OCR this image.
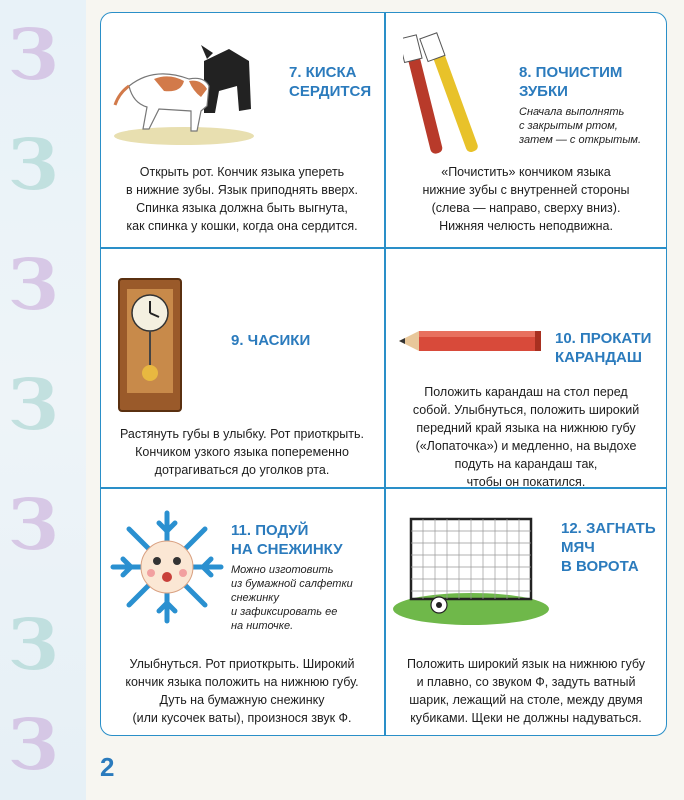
З
З
З
З
З
З
З
7. КИСКА
СЕРДИТСЯ
Открыть рот. Кончик языка упереть
в нижние зубы. Язык приподнять вверх.
Спинка языка должна быть выгнута,
как спинка у кошки, когда она сердится.
8. ПОЧИСТИМ
ЗУБКИ
Сначала выполнять
с закрытым ртом,
затем — с открытым.
«Почистить» кончиком языка
нижние зубы с внутренней стороны
(слева — направо, сверху вниз).
Нижняя челюсть неподвижна.
9. ЧАСИКИ
Растянуть губы в улыбку. Рот приоткрыть.
Кончиком узкого языка попеременно
дотрагиваться до уголков рта.
10. ПРОКАТИ
КАРАНДАШ
Положить карандаш на стол перед
собой. Улыбнуться, положить широкий
передний край языка на нижнюю губу
(«Лопаточка») и медленно, на выдохе
подуть на карандаш так,
чтобы он покатился.
11. ПОДУЙ
НА СНЕЖИНКУ
Можно изготовить
из бумажной салфетки
снежинку
и зафиксировать ее
на ниточке.
Улыбнуться. Рот приоткрыть. Широкий
кончик языка положить на нижнюю губу.
Дуть на бумажную снежинку
(или кусочек ваты), произнося звук Ф.
12. ЗАГНАТЬ
МЯЧ
В ВОРОТА
Положить широкий язык на нижнюю губу
и плавно, со звуком Ф, задуть ватный
шарик, лежащий на столе, между двумя
кубиками. Щеки не должны надуваться.
2
